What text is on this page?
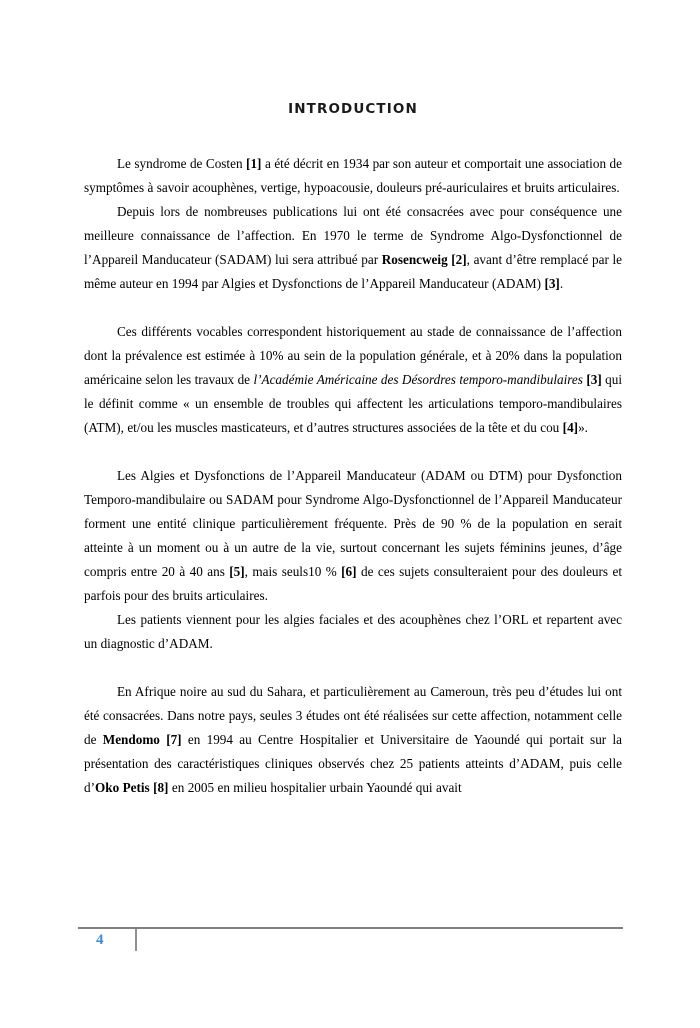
INTRODUCTION

Le syndrome de Costen [1] a été décrit en 1934 par son auteur et comportait une association de symptômes à savoir acouphènes, vertige, hypoacousie, douleurs pré-auriculaires et bruits articulaires.

Depuis lors de nombreuses publications lui ont été consacrées avec pour conséquence une meilleure connaissance de l’affection. En 1970 le terme de Syndrome Algo-Dysfonctionnel de l’Appareil Manducateur (SADAM) lui sera attribué par Rosencweig [2], avant d’être remplacé par le même auteur en 1994 par Algies et Dysfonctions de l’Appareil Manducateur (ADAM) [3].

Ces différents vocables correspondent historiquement au stade de connaissance de l’affection dont la prévalence est estimée à 10% au sein de la population générale, et à 20% dans la population américaine selon les travaux de l’Académie Américaine des Désordres temporo-mandibulaires [3] qui le définit comme « un ensemble de troubles qui affectent les articulations temporo-mandibulaires (ATM), et/ou les muscles masticateurs, et d’autres structures associées de la tête et du cou [4]».

Les Algies et Dysfonctions de l’Appareil Manducateur (ADAM ou DTM) pour Dysfonction Temporo-mandibulaire ou SADAM pour Syndrome Algo-Dysfonctionnel de l’Appareil Manducateur forment une entité clinique particulièrement fréquente. Près de 90 % de la population en serait atteinte à un moment ou à un autre de la vie, surtout concernant les sujets féminins jeunes, d’âge compris entre 20 à 40 ans [5], mais seuls10 % [6] de ces sujets consulteraient pour des douleurs et parfois pour des bruits articulaires.

Les patients viennent pour les algies faciales et des acouphènes chez l’ORL et repartent avec un diagnostic d’ADAM.

En Afrique noire au sud du Sahara, et particulièrement au Cameroun, très peu d’études lui ont été consacrées. Dans notre pays, seules 3 études ont été réalisées sur cette affection, notamment celle de Mendomo [7] en 1994 au Centre Hospitalier et Universitaire de Yaoundé qui portait sur la présentation des caractéristiques cliniques observés chez 25 patients atteints d’ADAM, puis celle d’Oko Petis [8] en 2005 en milieu hospitalier urbain Yaoundé qui avait

4
